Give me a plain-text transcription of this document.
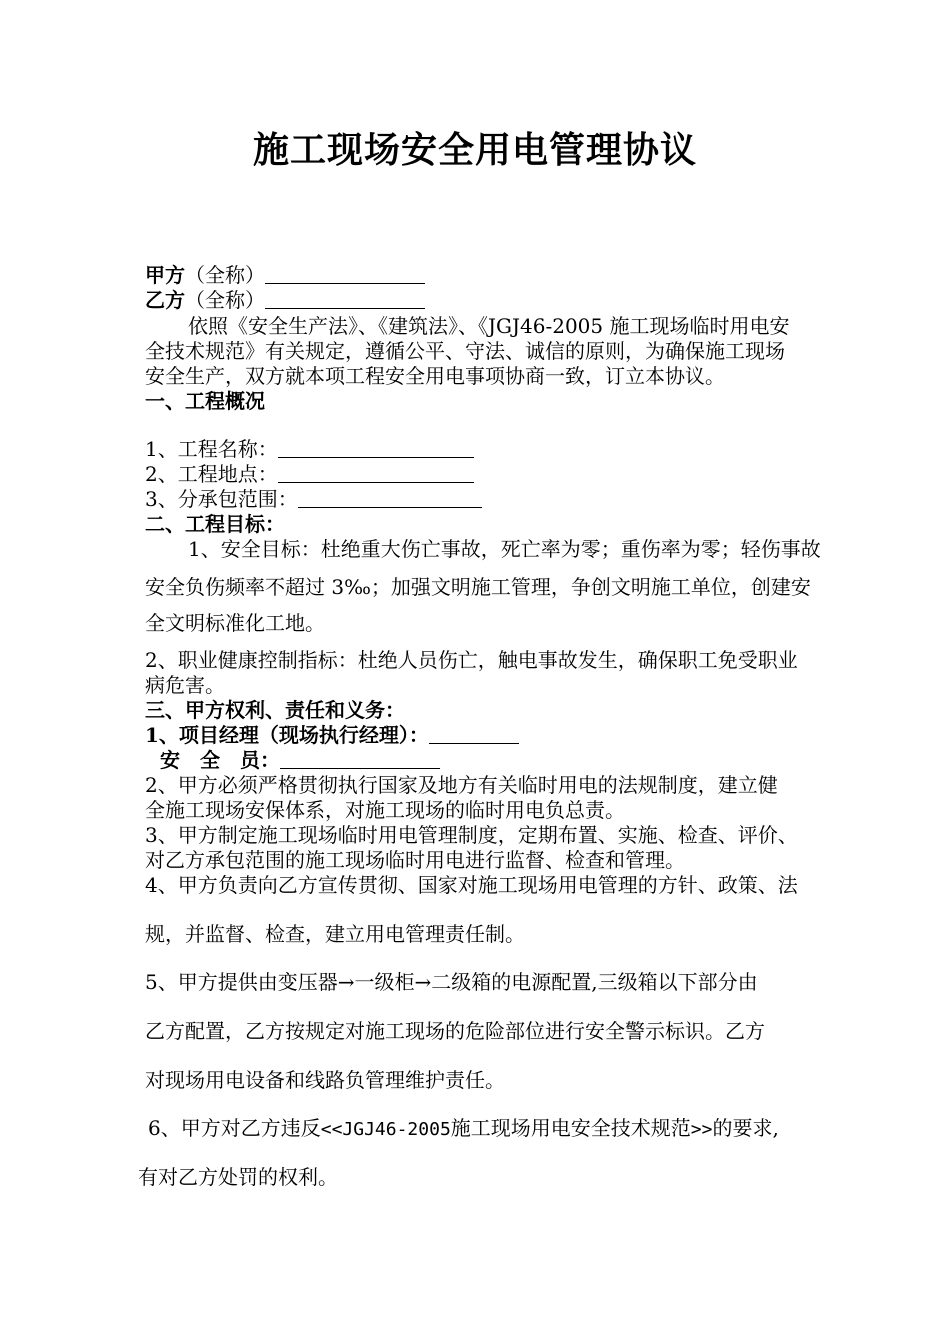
施工现场安全用电管理协议
甲方（全称）
乙方（全称）
依照《安全生产法》、《建筑法》、《JGJ46-2005 施工现场临时用电安
全技术规范》有关规定，遵循公平、守法、诚信的原则，为确保施工现场
安全生产，双方就本项工程安全用电事项协商一致，订立本协议。
一、工程概况
1、工程名称：
2、工程地点：
3、分承包范围：
二、工程目标：
1、安全目标：杜绝重大伤亡事故，死亡率为零；重伤率为零；轻伤事故
安全负伤频率不超过 3‰；加强文明施工管理，争创文明施工单位，创建安
全文明标准化工地。
2、职业健康控制指标：杜绝人员伤亡，触电事故发生，确保职工免受职业
病危害。
三、甲方权利、责任和义务：
1、项目经理（现场执行经理）：
安　全　员：
2、甲方必须严格贯彻执行国家及地方有关临时用电的法规制度，建立健
全施工现场安保体系，对施工现场的临时用电负总责。
3、甲方制定施工现场临时用电管理制度，定期布置、实施、检查、评价、
对乙方承包范围的施工现场临时用电进行监督、检查和管理。
4、甲方负责向乙方宣传贯彻、国家对施工现场用电管理的方针、政策、法
规，并监督、检查，建立用电管理责任制。
5、甲方提供由变压器→一级柜→二级箱的电源配置,三级箱以下部分由
乙方配置，乙方按规定对施工现场的危险部位进行安全警示标识。乙方
对现场用电设备和线路负管理维护责任。
6、甲方对乙方违反<<JGJ46-2005施工现场用电安全技术规范>>的要求,
有对乙方处罚的权利。
